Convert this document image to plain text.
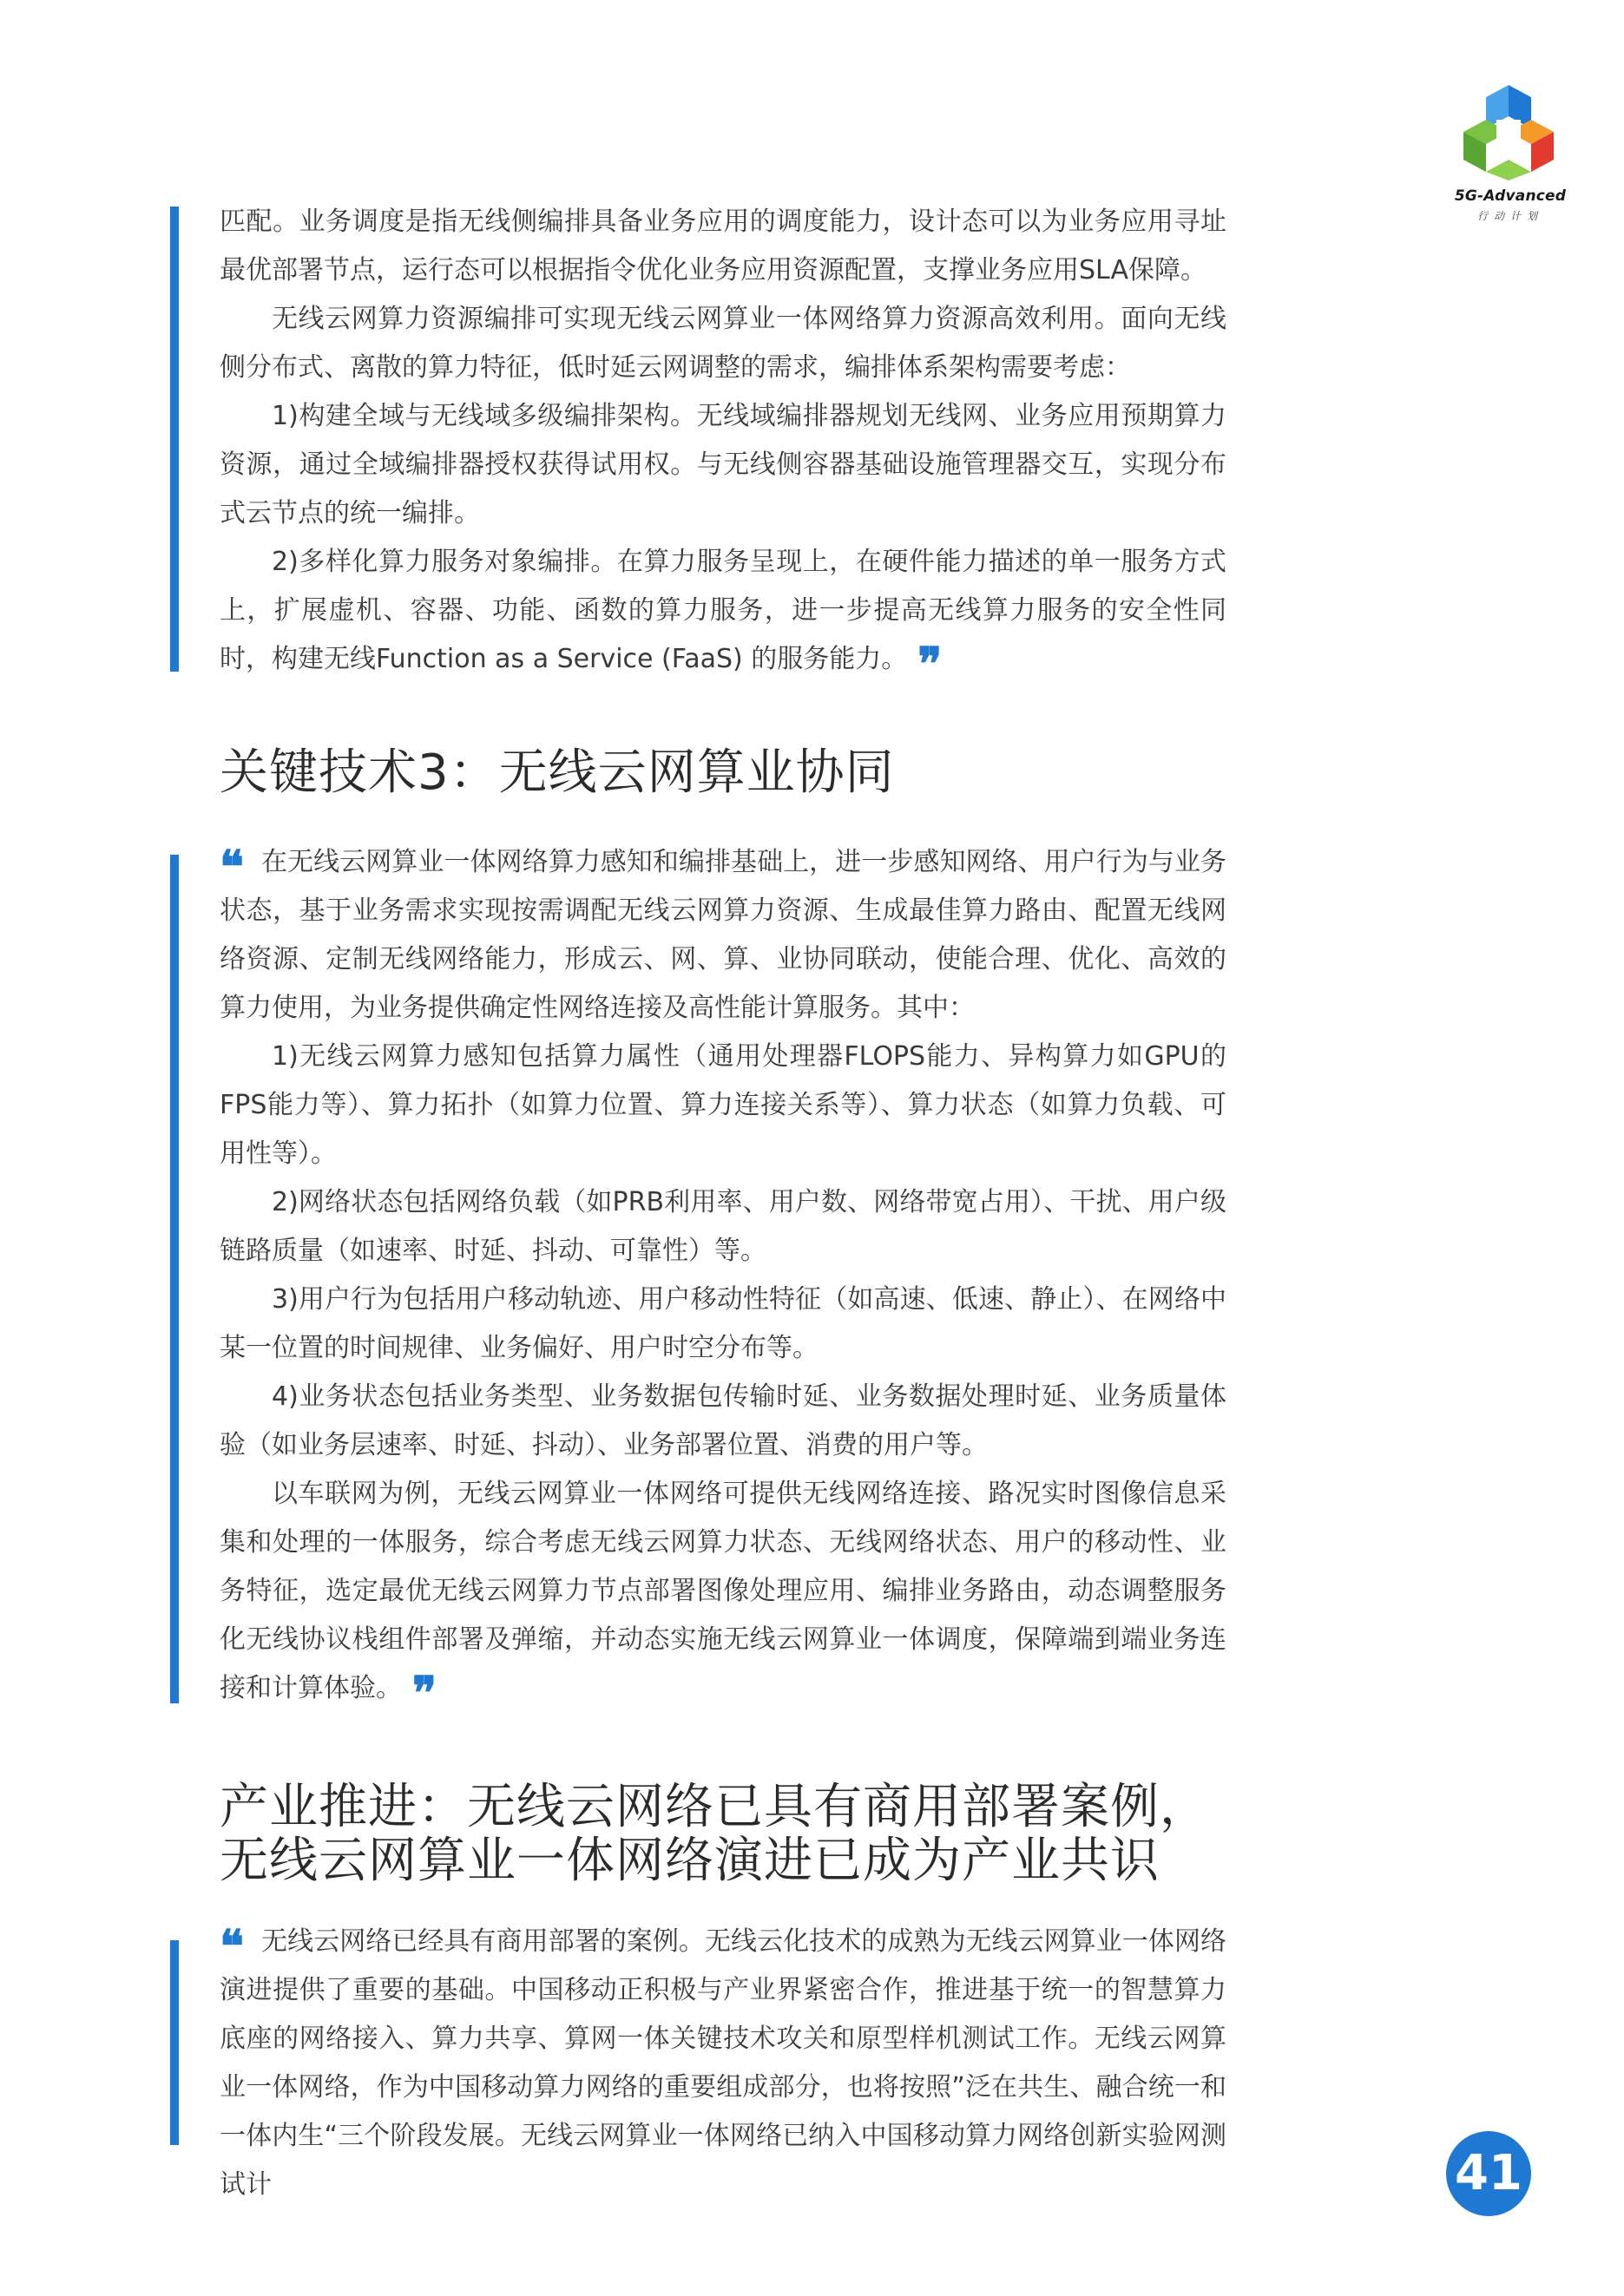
5G-Advanced
行动计划

匹配。业务调度是指无线侧编排具备业务应用的调度能力，设计态可以为业务应用寻址最优部署节点，运行态可以根据指令优化业务应用资源配置，支撑业务应用SLA保障。

无线云网算力资源编排可实现无线云网算业一体网络算力资源高效利用。面向无线侧分布式、离散的算力特征，低时延云网调整的需求，编排体系架构需要考虑：

1)构建全域与无线域多级编排架构。无线域编排器规划无线网、业务应用预期算力资源，通过全域编排器授权获得试用权。与无线侧容器基础设施管理器交互，实现分布式云节点的统一编排。

2)多样化算力服务对象编排。在算力服务呈现上，在硬件能力描述的单一服务方式上，扩展虚机、容器、功能、函数的算力服务，进一步提高无线算力服务的安全性同时，构建无线Function as a Service (FaaS) 的服务能力。 ❞

关键技术3：无线云网算业协同

❝ 在无线云网算业一体网络算力感知和编排基础上，进一步感知网络、用户行为与业务状态，基于业务需求实现按需调配无线云网算力资源、生成最佳算力路由、配置无线网络资源、定制无线网络能力，形成云、网、算、业协同联动，使能合理、优化、高效的算力使用，为业务提供确定性网络连接及高性能计算服务。其中：

1)无线云网算力感知包括算力属性（通用处理器FLOPS能力、异构算力如GPU的FPS能力等）、算力拓扑（如算力位置、算力连接关系等）、算力状态（如算力负载、可用性等）。

2)网络状态包括网络负载（如PRB利用率、用户数、网络带宽占用）、干扰、用户级链路质量（如速率、时延、抖动、可靠性）等。

3)用户行为包括用户移动轨迹、用户移动性特征（如高速、低速、静止）、在网络中某一位置的时间规律、业务偏好、用户时空分布等。

4)业务状态包括业务类型、业务数据包传输时延、业务数据处理时延、业务质量体验（如业务层速率、时延、抖动）、业务部署位置、消费的用户等。

以车联网为例，无线云网算业一体网络可提供无线网络连接、路况实时图像信息采集和处理的一体服务，综合考虑无线云网算力状态、无线网络状态、用户的移动性、业务特征，选定最优无线云网算力节点部署图像处理应用、编排业务路由，动态调整服务化无线协议栈组件部署及弹缩，并动态实施无线云网算业一体调度，保障端到端业务连接和计算体验。 ❞

产业推进：无线云网络已具有商用部署案例，无线云网算业一体网络演进已成为产业共识

❝ 无线云网络已经具有商用部署的案例。无线云化技术的成熟为无线云网算业一体网络演进提供了重要的基础。中国移动正积极与产业界紧密合作，推进基于统一的智慧算力底座的网络接入、算力共享、算网一体关键技术攻关和原型样机测试工作。无线云网算业一体网络，作为中国移动算力网络的重要组成部分，也将按照”泛在共生、融合统一和一体内生“三个阶段发展。无线云网算业一体网络已纳入中国移动算力网络创新实验网测试计	41
